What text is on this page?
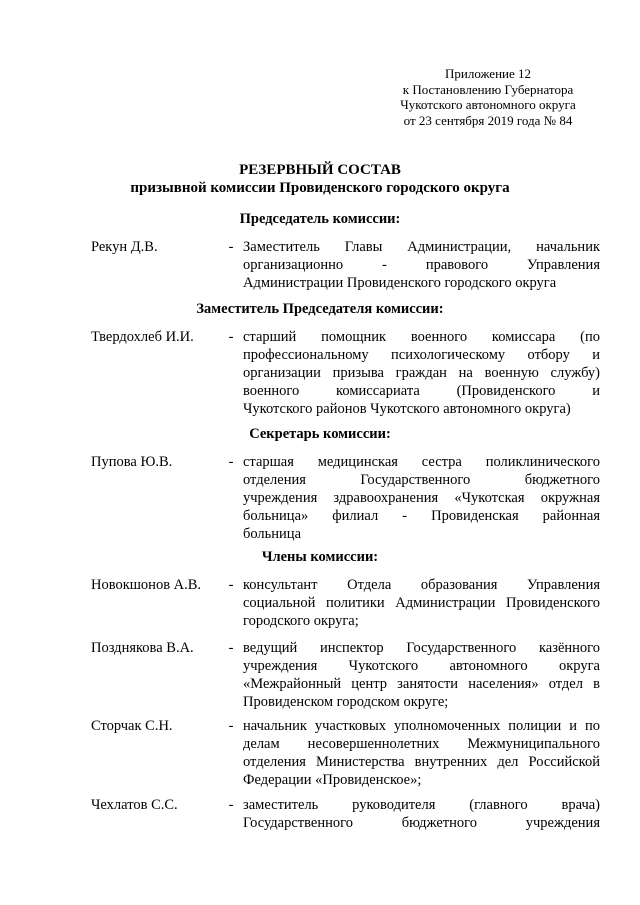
Приложение 12
к Постановлению Губернатора
Чукотского автономного округа
от 23 сентября 2019 года № 84
РЕЗЕРВНЫЙ СОСТАВ
призывной комиссии Провиденского городского округа
Председатель комиссии:
Рекун Д.В.	- Заместитель Главы Администрации, начальник
организационно - правового Управления
Администрации Провиденского городского округа
Заместитель Председателя комиссии:
Твердохлеб И.И.	- старший помощник военного комиссара (по
профессиональному психологическому отбору и
организации призыва граждан на военную службу)
военного комиссариата (Провиденского и
Чукотского районов Чукотского автономного округа)
Секретарь комиссии:
Пупова Ю.В.	- старшая медицинская сестра поликлинического
отделения Государственного бюджетного
учреждения здравоохранения «Чукотская окружная
больница» филиал - Провиденская районная
больница
Члены комиссии:
Новокшонов А.В.	- консультант Отдела образования Управления
социальной политики Администрации Провиденского
городского округа;
Позднякова В.А.	- ведущий инспектор Государственного казённого
учреждения Чукотского автономного округа
«Межрайонный центр занятости населения» отдел в
Провиденском городском округе;
Сторчак С.Н.	- начальник участковых уполномоченных полиции и по
делам несовершеннолетних Межмуниципального
отделения Министерства внутренних дел Российской
Федерации «Провиденское»;
Чехлатов С.С.	- заместитель руководителя (главного врача)
Государственного бюджетного учреждения
